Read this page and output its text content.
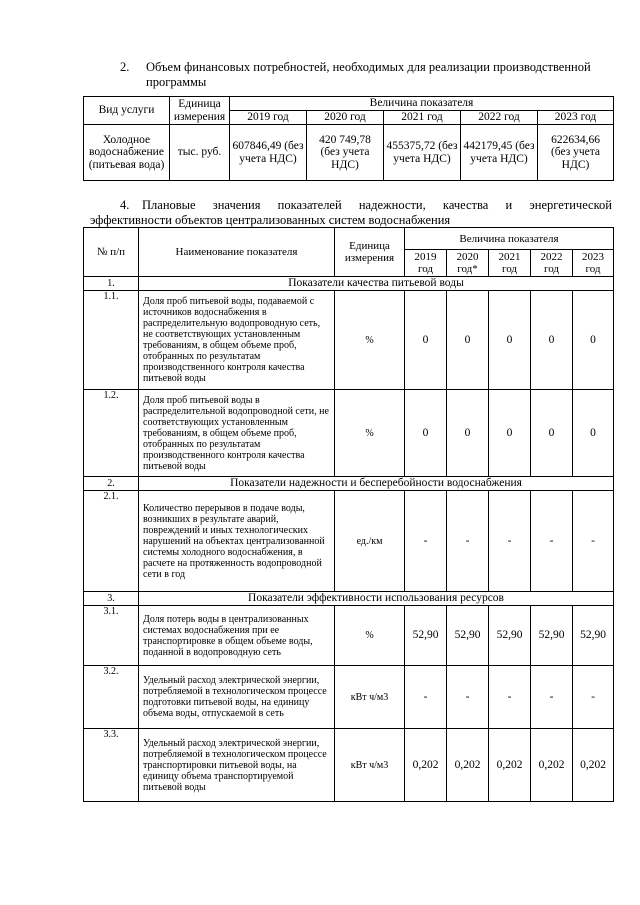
2. Объем финансовых потребностей, необходимых для реализации производственной
программы
Вид услуги	Единица измерения	Величина показателя				
		2019 год	2020 год	2021 год	2022 год	2023 год
Холодное водоснабжение (питьевая вода)	тыс. руб.	607846,49 (без учета НДС)	420 749,78 (без учета НДС)	455375,72 (без учета НДС)	442179,45 (без учета НДС)	622634,66 (без учета НДС)
4. Плановые значения показателей надежности, качества и энергетической
эффективности объектов централизованных систем водоснабжения
№ п/п	Наименование показателя	Единица измерения	Величина показателя				
			2019 год	2020 год*	2021 год	2022 год	2023 год
1.	Показатели качества питьевой воды						
1.1.	Доля проб питьевой воды, подаваемой с источников водоснабжения в распределительную водопроводную сеть, не соответствующих установленным требованиям, в общем объеме проб, отобранных по результатам производственного контроля качества питьевой воды	%	0	0	0	0	0
1.2.	Доля проб питьевой воды в распределительной водопроводной сети, не соответствующих установленным требованиям, в общем объеме проб, отобранных по результатам производственного контроля качества питьевой воды	%	0	0	0	0	0
2.	Показатели надежности и бесперебойности водоснабжения						
2.1.	Количество перерывов в подаче воды, возникших в результате аварий, повреждений и иных технологических нарушений на объектах централизованной системы холодного водоснабжения, в расчете на протяженность водопроводной сети в год	ед./км	-	-	-	-	-
3.	Показатели эффективности использования ресурсов						
3.1.	Доля потерь воды в централизованных системах водоснабжения при ее транспортировке в общем объеме воды, поданной в водопроводную сеть	%	52,90	52,90	52,90	52,90	52,90
3.2.	Удельный расход электрической энергии, потребляемой в технологическом процессе подготовки питьевой воды, на единицу объема воды, отпускаемой в сеть	кВт ч/м3	-	-	-	-	-
3.3.	Удельный расход электрической энергии, потребляемой в технологическом процессе транспортировки питьевой воды, на единицу объема транспортируемой питьевой воды	кВт ч/м3	0,202	0,202	0,202	0,202	0,202
